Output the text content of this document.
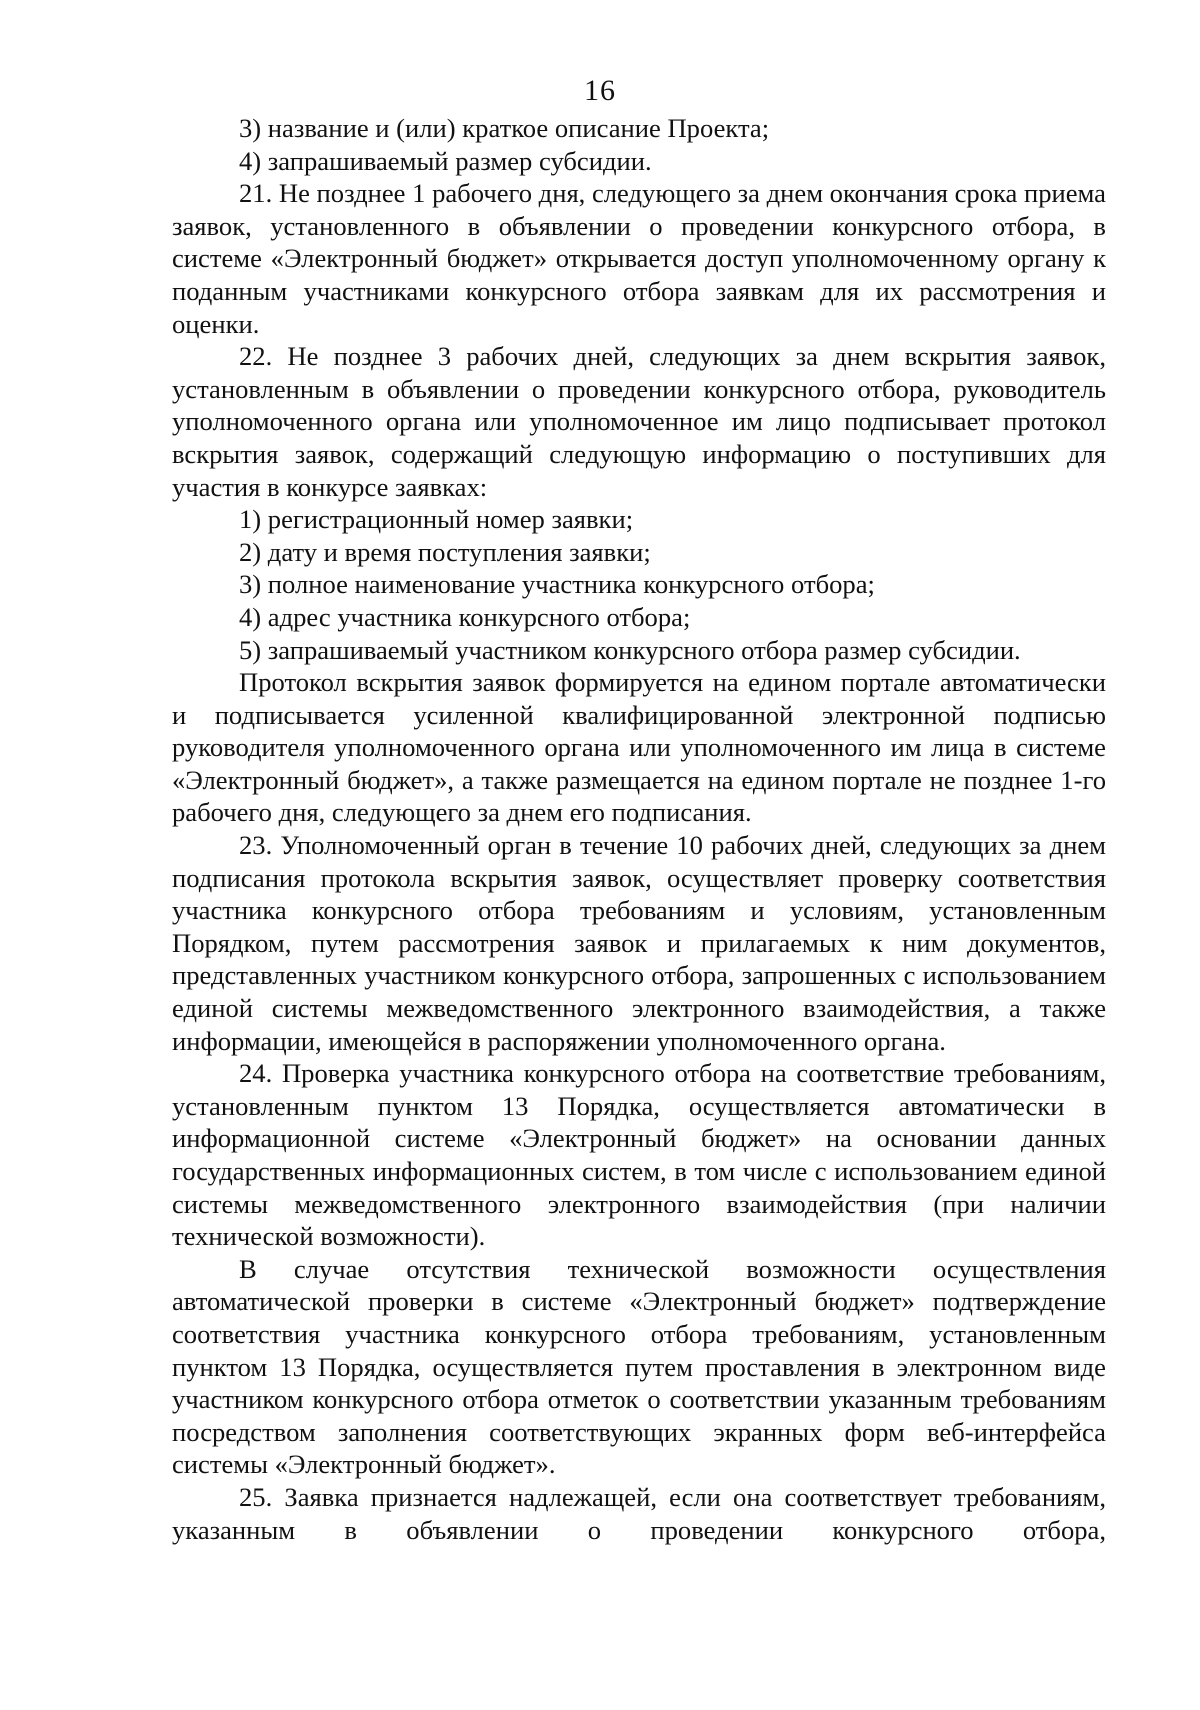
16

3) название и (или) краткое описание Проекта;

4) запрашиваемый размер субсидии.

21. Не позднее 1 рабочего дня, следующего за днем окончания срока приема заявок, установленного в объявлении о проведении конкурсного отбора, в системе «Электронный бюджет» открывается доступ уполномоченному органу к поданным участниками конкурсного отбора заявкам для их рассмотрения и оценки.

22. Не позднее 3 рабочих дней, следующих за днем вскрытия заявок, установленным в объявлении о проведении конкурсного отбора, руководитель уполномоченного органа или уполномоченное им лицо подписывает протокол вскрытия заявок, содержащий следующую информацию о поступивших для участия в конкурсе заявках:

1) регистрационный номер заявки;

2) дату и время поступления заявки;

3) полное наименование участника конкурсного отбора;

4) адрес участника конкурсного отбора;

5) запрашиваемый участником конкурсного отбора размер субсидии.

Протокол вскрытия заявок формируется на едином портале автоматически и подписывается усиленной квалифицированной электронной подписью руководителя уполномоченного органа или уполномоченного им лица в системе «Электронный бюджет», а также размещается на едином портале не позднее 1-го рабочего дня, следующего за днем его подписания.

23. Уполномоченный орган в течение 10 рабочих дней, следующих за днем подписания протокола вскрытия заявок, осуществляет проверку соответствия участника конкурсного отбора требованиям и условиям, установленным Порядком, путем рассмотрения заявок и прилагаемых к ним документов, представленных участником конкурсного отбора, запрошенных с использованием единой системы межведомственного электронного взаимодействия, а также информации, имеющейся в распоряжении уполномоченного органа.

24. Проверка участника конкурсного отбора на соответствие требованиям, установленным пунктом 13 Порядка, осуществляется автоматически в информационной системе «Электронный бюджет» на основании данных государственных информационных систем, в том числе с использованием единой системы межведомственного электронного взаимодействия (при наличии технической возможности).

В случае отсутствия технической возможности осуществления автоматической проверки в системе «Электронный бюджет» подтверждение соответствия участника конкурсного отбора требованиям, установленным пунктом 13 Порядка, осуществляется путем проставления в электронном виде участником конкурсного отбора отметок о соответствии указанным требованиям посредством заполнения соответствующих экранных форм веб-интерфейса системы «Электронный бюджет».

25. Заявка признается надлежащей, если она соответствует требованиям, указанным в объявлении о проведении конкурсного отбора,
